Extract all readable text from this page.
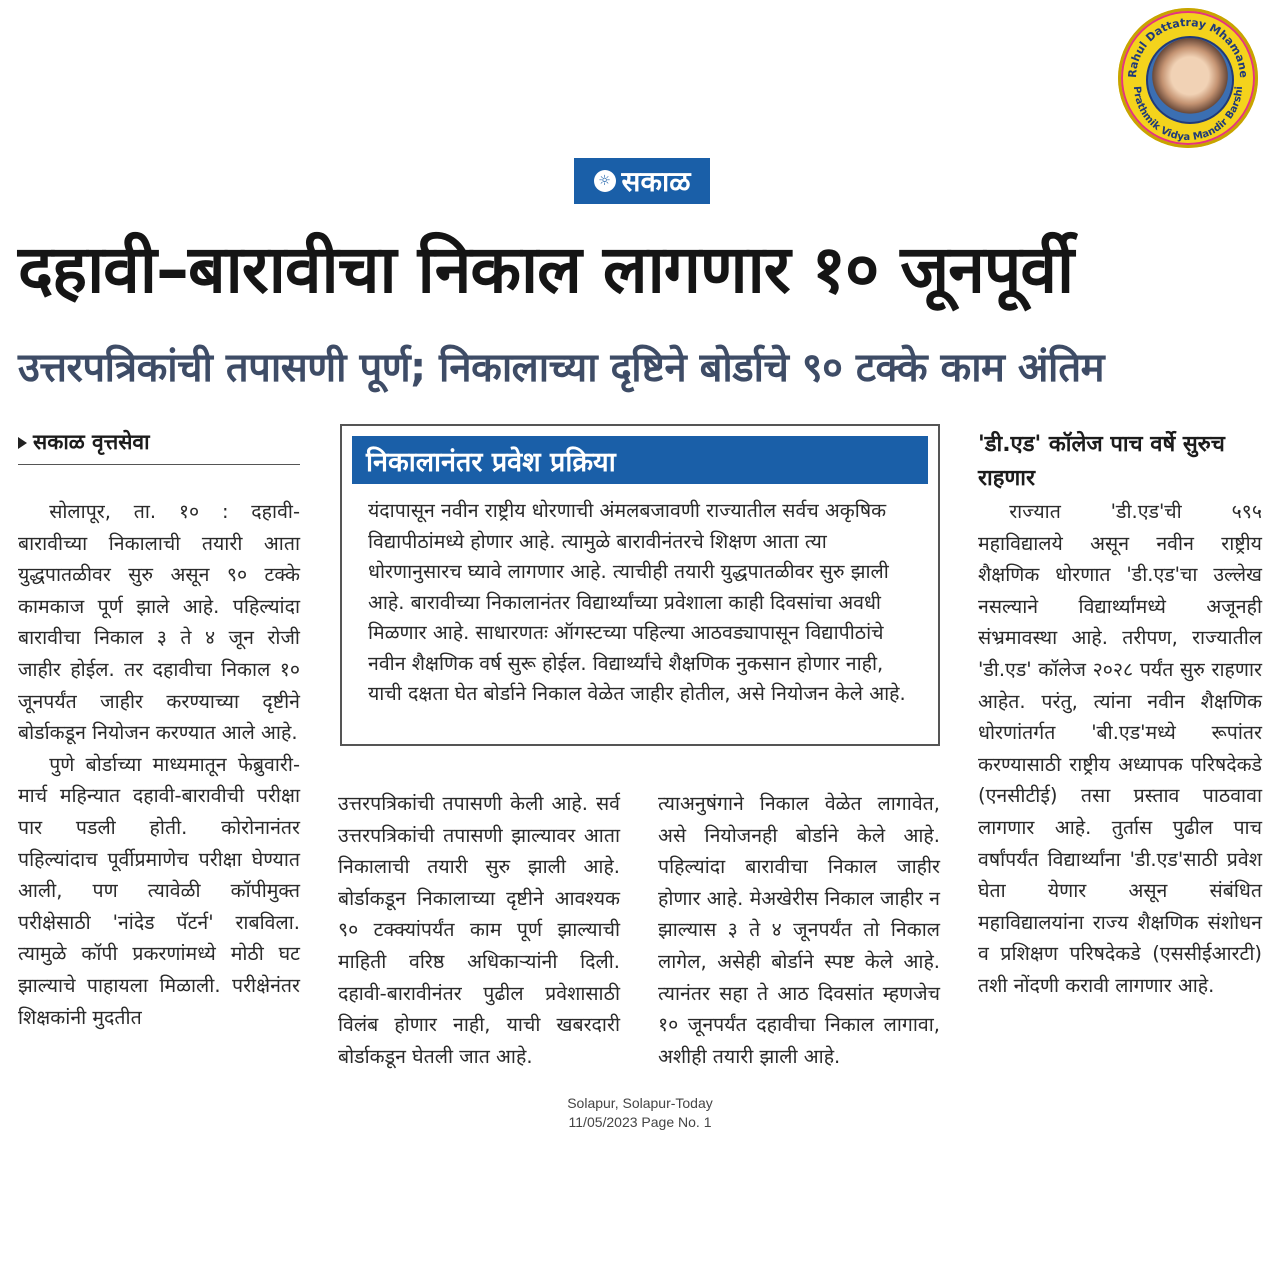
Rahul Dattatray Mhamane
Prathmik Vidya Mandir Barshi
☼ सकाळ
दहावी–बारावीचा निकाल लागणार १० जूनपूर्वी
उत्तरपत्रिकांची तपासणी पूर्ण; निकालाच्या दृष्टिने बोर्डाचे ९० टक्के काम अंतिम
सकाळ वृत्तसेवा

सोलापूर, ता. १० : दहावी-बारावीच्या निकालाची तयारी आता युद्धपातळीवर सुरु असून ९० टक्के कामकाज पूर्ण झाले आहे. पहिल्यांदा बारावीचा निकाल ३ ते ४ जून रोजी जाहीर होईल. तर दहावीचा निकाल १० जूनपर्यंत जाहीर करण्याच्या दृष्टीने बोर्डाकडून नियोजन करण्यात आले आहे.

पुणे बोर्डाच्या माध्यमातून फेब्रुवारी-मार्च महिन्यात दहावी-बारावीची परीक्षा पार पडली होती. कोरोनानंतर पहिल्यांदाच पूर्वीप्रमाणेच परीक्षा घेण्यात आली, पण त्यावेळी कॉपीमुक्त परीक्षेसाठी 'नांदेड पॅटर्न' राबविला. त्यामुळे कॉपी प्रकरणांमध्ये मोठी घट झाल्याचे पाहायला मिळाली. परीक्षेनंतर शिक्षकांनी मुदतीत

निकालानंतर प्रवेश प्रक्रिया
यंदापासून नवीन राष्ट्रीय धोरणाची अंमलबजावणी राज्यातील सर्वच अकृषिक विद्यापीठांमध्ये होणार आहे. त्यामुळे बारावीनंतरचे शिक्षण आता त्या धोरणानुसारच घ्यावे लागणार आहे. त्याचीही तयारी युद्धपातळीवर सुरु झाली आहे. बारावीच्या निकालानंतर विद्यार्थ्यांच्या प्रवेशाला काही दिवसांचा अवधी मिळणार आहे. साधारणतः ऑगस्टच्या पहिल्या आठवड्यापासून विद्यापीठांचे नवीन शैक्षणिक वर्ष सुरू होईल. विद्यार्थ्यांचे शैक्षणिक नुकसान होणार नाही, याची दक्षता घेत बोर्डाने निकाल वेळेत जाहीर होतील, असे नियोजन केले आहे.
उत्तरपत्रिकांची तपासणी केली आहे. सर्व उत्तरपत्रिकांची तपासणी झाल्यावर आता निकालाची तयारी सुरु झाली आहे. बोर्डाकडून निकालाच्या दृष्टीने आवश्यक ९० टक्क्यांपर्यंत काम पूर्ण झाल्याची माहिती वरिष्ठ अधिकाऱ्यांनी दिली. दहावी-बारावीनंतर पुढील प्रवेशासाठी विलंब होणार नाही, याची खबरदारी बोर्डाकडून घेतली जात आहे.
त्याअनुषंगाने निकाल वेळेत लागावेत, असे नियोजनही बोर्डाने केले आहे. पहिल्यांदा बारावीचा निकाल जाहीर होणार आहे. मेअखेरीस निकाल जाहीर न झाल्यास ३ ते ४ जूनपर्यंत तो निकाल लागेल, असेही बोर्डाने स्पष्ट केले आहे. त्यानंतर सहा ते आठ दिवसांत म्हणजेच १० जूनपर्यंत दहावीचा निकाल लागावा, अशीही तयारी झाली आहे.
'डी.एड' कॉलेज पाच वर्षे सुरुच राहणार

राज्यात 'डी.एड'ची ५९५ महाविद्यालये असून नवीन राष्ट्रीय शैक्षणिक धोरणात 'डी.एड'चा उल्लेख नसल्याने विद्यार्थ्यांमध्ये अजूनही संभ्रमावस्था आहे. तरीपण, राज्यातील 'डी.एड' कॉलेज २०२८ पर्यंत सुरु राहणार आहेत. परंतु, त्यांना नवीन शैक्षणिक धोरणांतर्गत 'बी.एड'मध्ये रूपांतर करण्यासाठी राष्ट्रीय अध्यापक परिषदेकडे (एनसीटीई) तसा प्रस्ताव पाठवावा लागणार आहे. तुर्तास पुढील पाच वर्षांपर्यंत विद्यार्थ्यांना 'डी.एड'साठी प्रवेश घेता येणार असून संबंधित महाविद्यालयांना राज्य शैक्षणिक संशोधन व प्रशिक्षण परिषदेकडे (एससीईआरटी) तशी नोंदणी करावी लागणार आहे.

Solapur, Solapur-Today
11/05/2023 Page No. 1
